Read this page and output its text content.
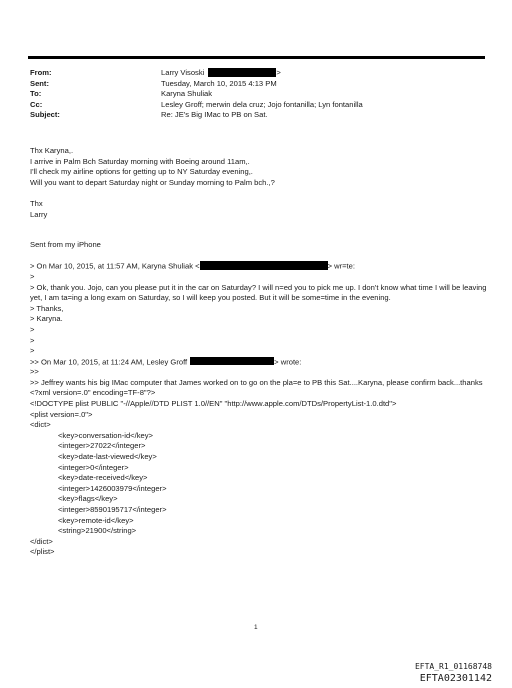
From:	Larry Visoski	>
Sent:	Tuesday, March 10, 2015 4:13 PM
To:	Karyna Shuliak
Cc:	Lesley Groff; merwin dela cruz; Jojo fontanilla; Lyn fontanilla
Subject:	Re: JE's Big IMac to PB on Sat.
Thx Karyna,.
I arrive in Palm Bch Saturday morning with Boeing around 11am,.
I'll check my airline options for getting up to NY Saturday evening,.
Will you want to depart Saturday night or Sunday morning to Palm bch.,?
Thx
Larry
Sent from my iPhone
> On Mar 10, 2015, at 11:57 AM, Karyna Shuliak <	> wr=te:
>
> Ok, thank you. Jojo, can you please put it in the car on Saturday? I will n=ed you to pick me up. I don't know what time I will be leaving yet, I am ta=ing a long exam on Saturday, so I will keep you posted. But it will be some=time in the evening.
> Thanks,
> Karyna.
>
>
>
>> On Mar 10, 2015, at 11:24 AM, Lesley Groff	> wrote:
>>
>> Jeffrey wants his big IMac computer that James worked on to go on the pla=e to PB this Sat....Karyna, please confirm back...thanks
<?xml version=.0" encoding=TF-8"?>
<!DOCTYPE plist PUBLIC "-//Apple//DTD PLIST 1.0//EN" "http://www.apple.com/DTDs/PropertyList-1.0.dtd">
<plist version=.0">
<dict>
<key>conversation-id</key>
<integer>27022</integer>
<key>date-last-viewed</key>
<integer>0</integer>
<key>date-received</key>
<integer>1426003979</integer>
<key>flags</key>
<integer>8590195717</integer>
<key>remote-id</key>
<string>21900</string>
</dict>
</plist>
1
EFTA_R1_01168748
EFTA02301142
